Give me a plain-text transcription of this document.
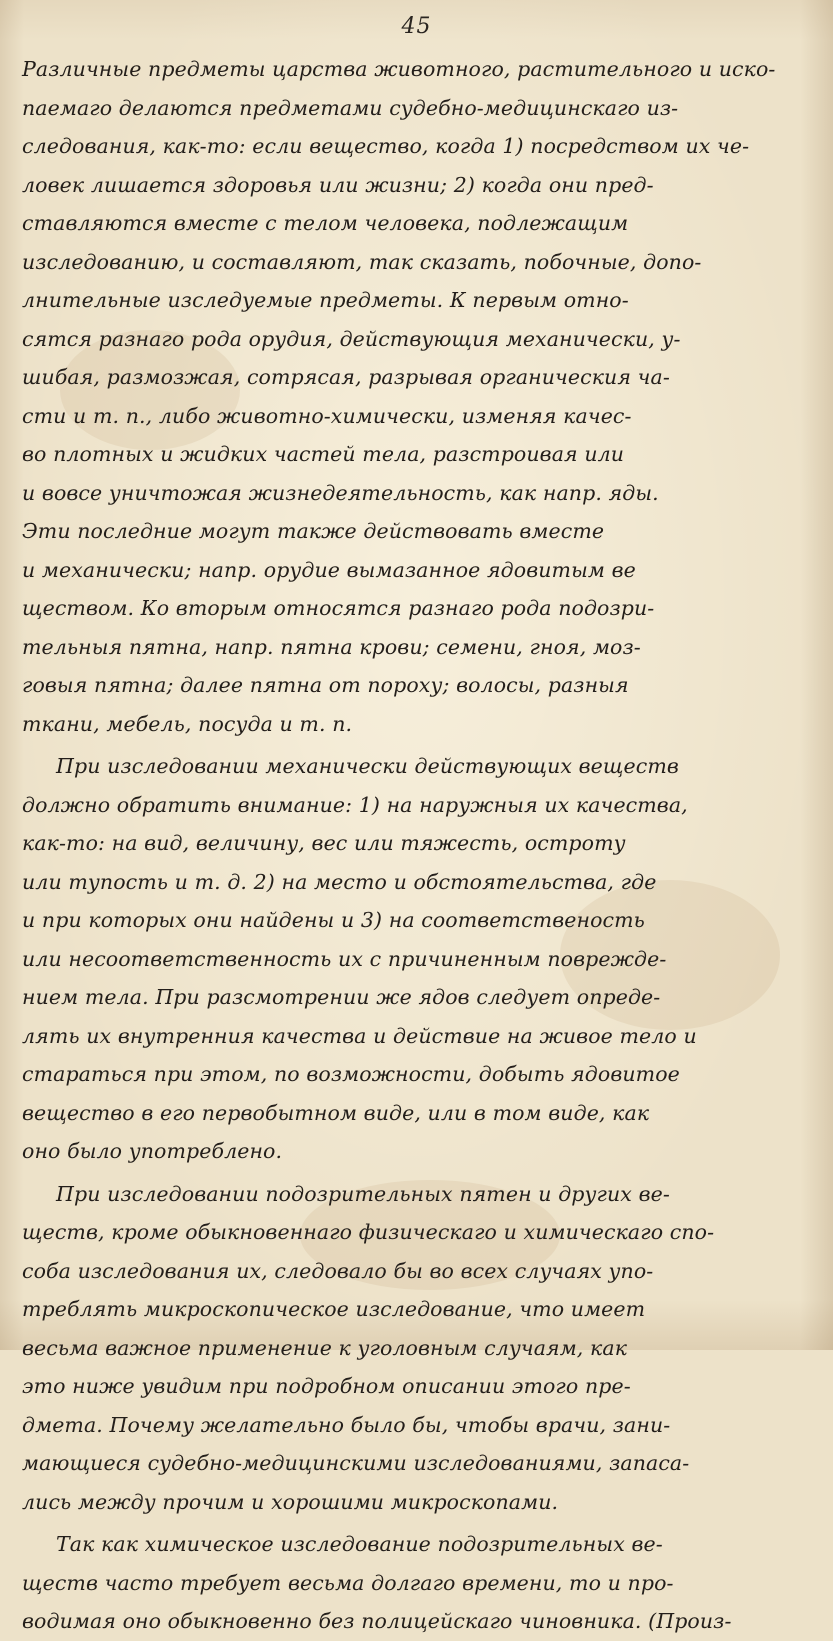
45
Различные предметы царства животного, растительного и иско-
паемаго делаются предметами судебно-медицинскаго из-
следования, как-то: если вещество, когда 1) посредством их че-
ловек лишается здоровья или жизни; 2) когда они пред-
ставляются вместе с телом человека, подлежащим
изследованию, и составляют, так сказать, побочные, допо-
лнительные изследуемые предметы. К первым отно-
сятся разнаго рода орудия, действующия механически, у-
шибая, размозжая, сотрясая, разрывая органическия ча-
сти и т. п., либо животно-химически, изменяя качес-
во плотных и жидких частей тела, разстроивая или
и вовсе уничтожая жизнедеятельность, как напр. яды.
Эти последние могут также действовать вместе
и механически; напр. орудие вымазанное ядовитым ве
ществом. Ко вторым относятся разнаго рода подозри-
тельныя пятна, напр. пятна крови; семени, гноя, моз-
говыя пятна; далее пятна от пороху; волосы, разныя
ткани, мебель, посуда и т. п.
При изследовании механически действующих веществ
должно обратить внимание: 1) на наружныя их качества,
как-то: на вид, величину, вес или тяжесть, остроту
или тупость и т. д. 2) на место и обстоятельства, где
и при которых они найдены и 3) на соответственость
или несоответственность их с причиненным поврежде-
нием тела. При разсмотрении же ядов следует опреде-
лять их внутренния качества и действие на живое тело и
стараться при этом, по возможности, добыть ядовитое
вещество в его первобытном виде, или в том виде, как
оно было употреблено.
При изследовании подозрительных пятен и других ве-
ществ, кроме обыкновеннаго физическаго и химическаго спо-
соба изследования их, следовало бы во всех случаях упо-
треблять микроскопическое изследование, что имеет
весьма важное применение к уголовным случаям, как
это ниже увидим при подробном описании этого пре-
дмета. Почему желательно было бы, чтобы врачи, зани-
мающиеся судебно-медицинскими изследованиями, запаса-
лись между прочим и хорошими микроскопами.
Так как химическое изследование подозрительных ве-
ществ часто требует весьма долгаго времени, то и про-
водимая оно обыкновенно без полицейскаго чиновника. (Произ-
